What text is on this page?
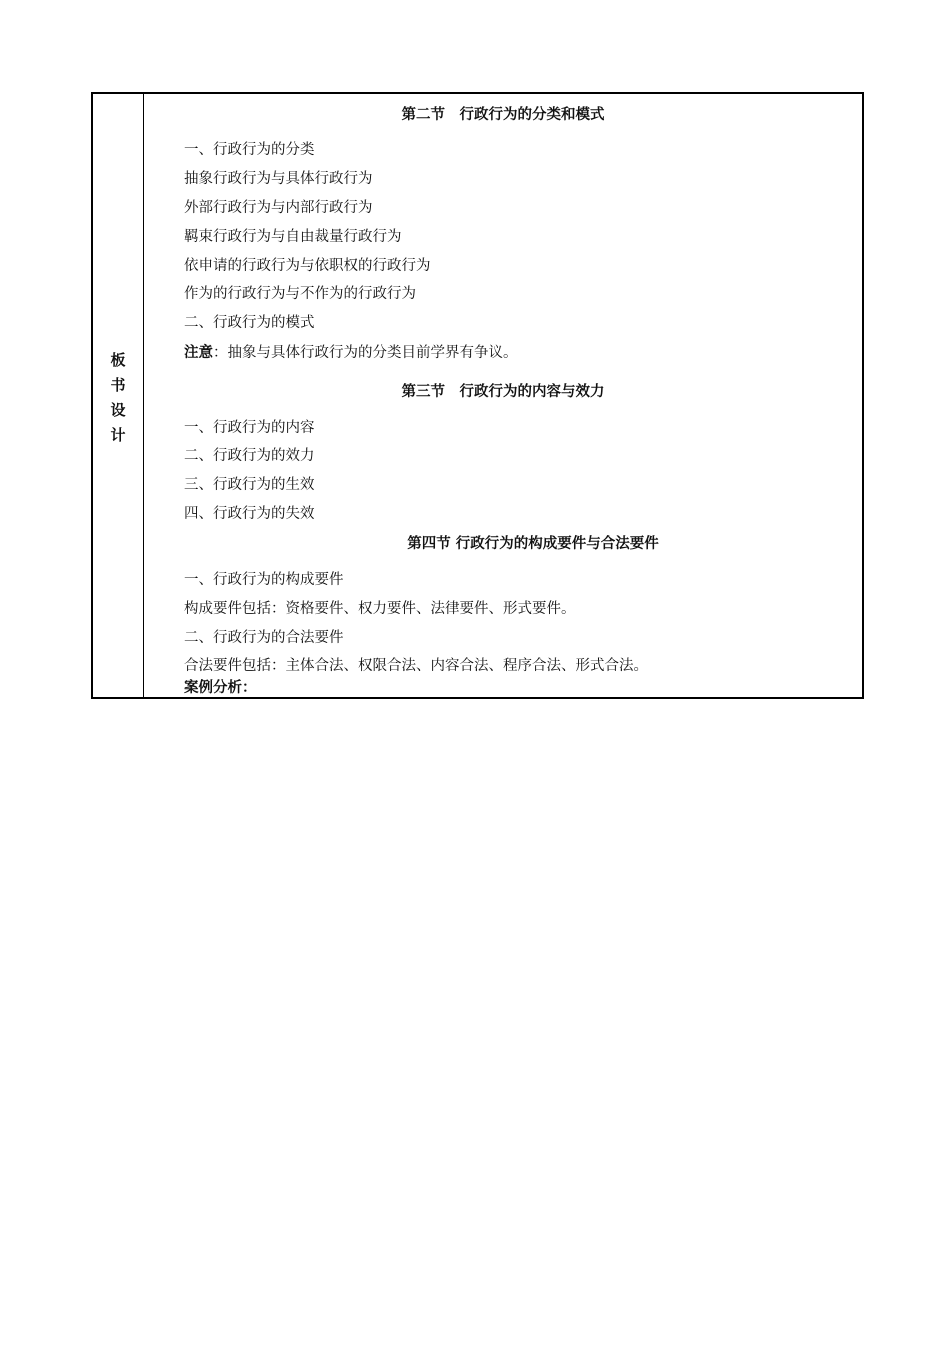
板
书
设
计
第二节　行政行为的分类和模式
一、行政行为的分类
抽象行政行为与具体行政行为
外部行政行为与内部行政行为
羁束行政行为与自由裁量行政行为
依申请的行政行为与依职权的行政行为
作为的行政行为与不作为的行政行为
二、行政行为的模式
注意：抽象与具体行政行为的分类目前学界有争议。
第三节　行政行为的内容与效力
一、行政行为的内容
二、行政行为的效力
三、行政行为的生效
四、行政行为的失效
第四节 行政行为的构成要件与合法要件
一、行政行为的构成要件
构成要件包括：资格要件、权力要件、法律要件、形式要件。
二、行政行为的合法要件
合法要件包括：主体合法、权限合法、内容合法、程序合法、形式合法。
案例分析：
